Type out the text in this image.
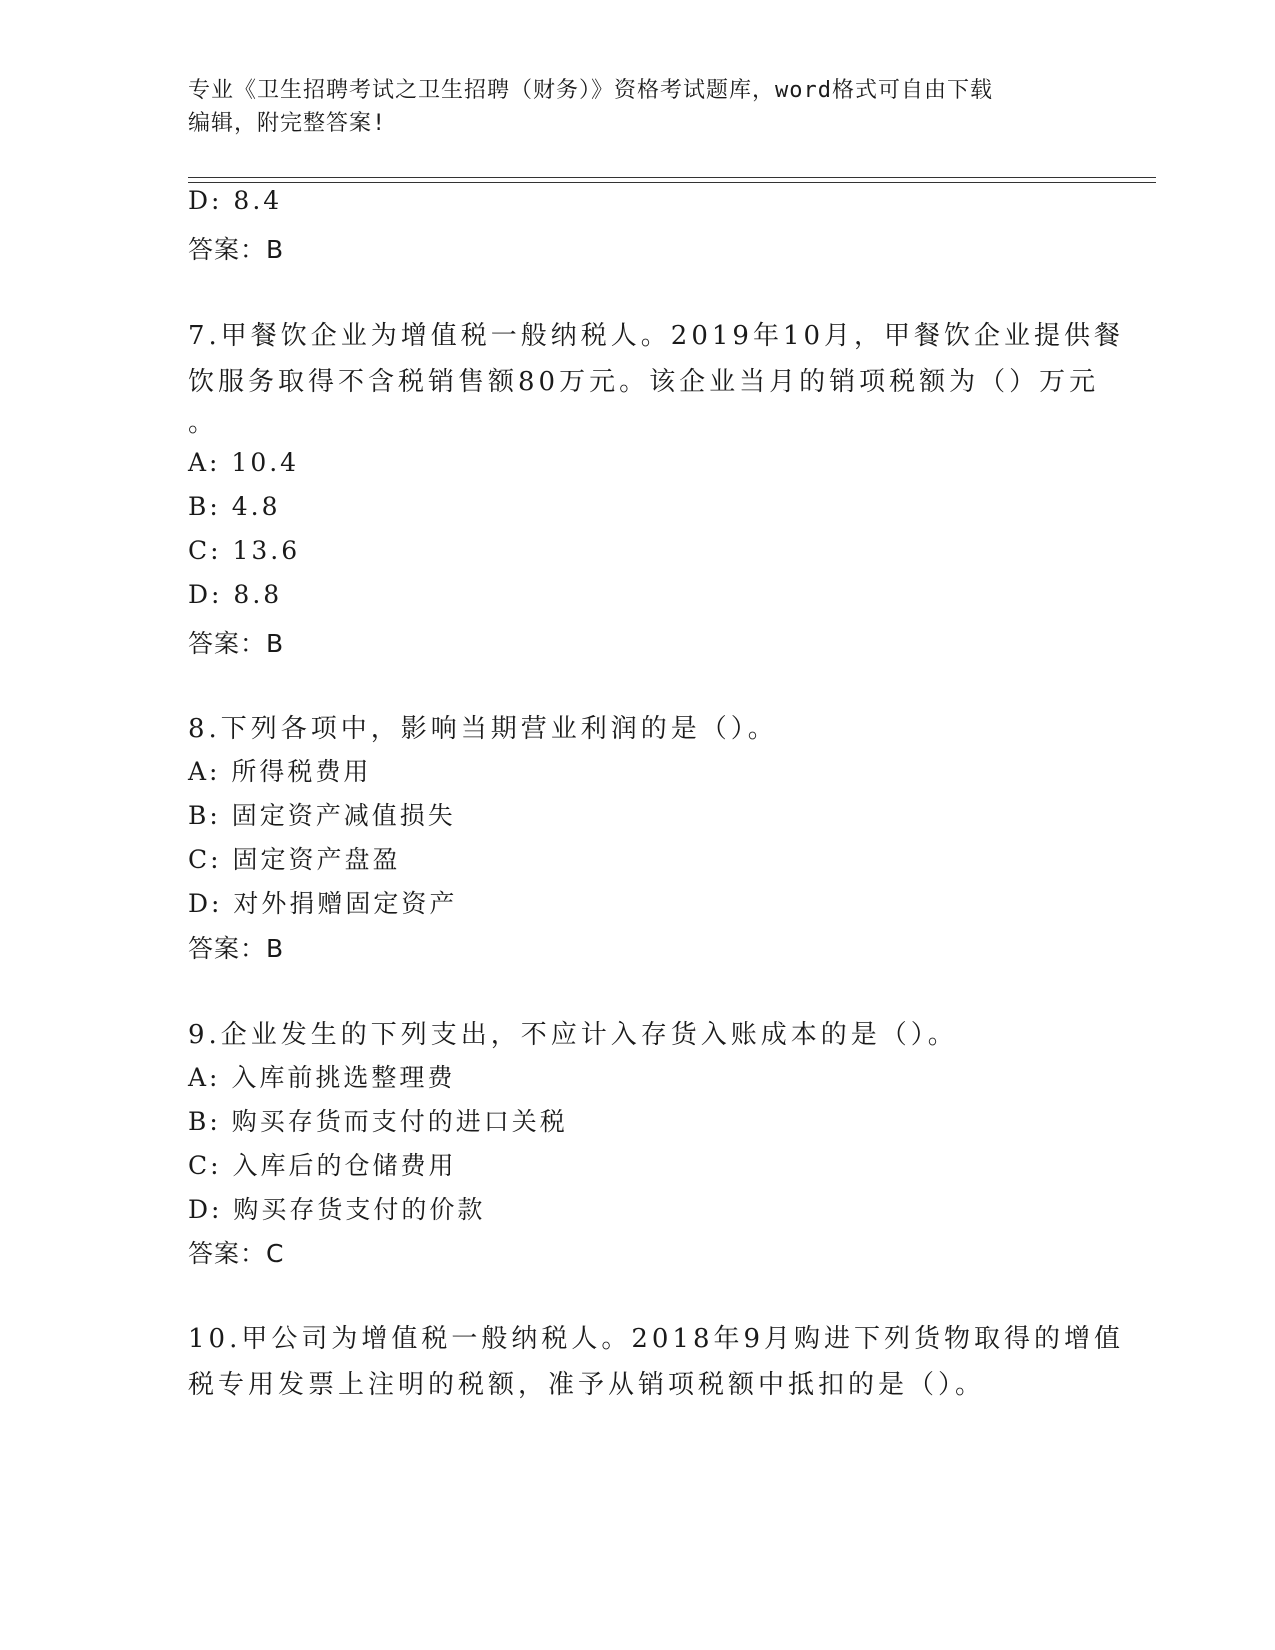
专业《卫生招聘考试之卫生招聘（财务）》资格考试题库，word格式可自由下载
编辑，附完整答案!
D: 8.4
答案：B
7.甲餐饮企业为增值税一般纳税人。2019年10月，甲餐饮企业提供餐
饮服务取得不含税销售额80万元。该企业当月的销项税额为（）万元
。
A: 10.4
B: 4.8
C: 13.6
D: 8.8
答案：B
8.下列各项中，影响当期营业利润的是（）。
A: 所得税费用
B: 固定资产减值损失
C: 固定资产盘盈
D: 对外捐赠固定资产
答案：B
9.企业发生的下列支出，不应计入存货入账成本的是（）。
A: 入库前挑选整理费
B: 购买存货而支付的进口关税
C: 入库后的仓储费用
D: 购买存货支付的价款
答案：C
10.甲公司为增值税一般纳税人。2018年9月购进下列货物取得的增值
税专用发票上注明的税额，准予从销项税额中抵扣的是（）。
